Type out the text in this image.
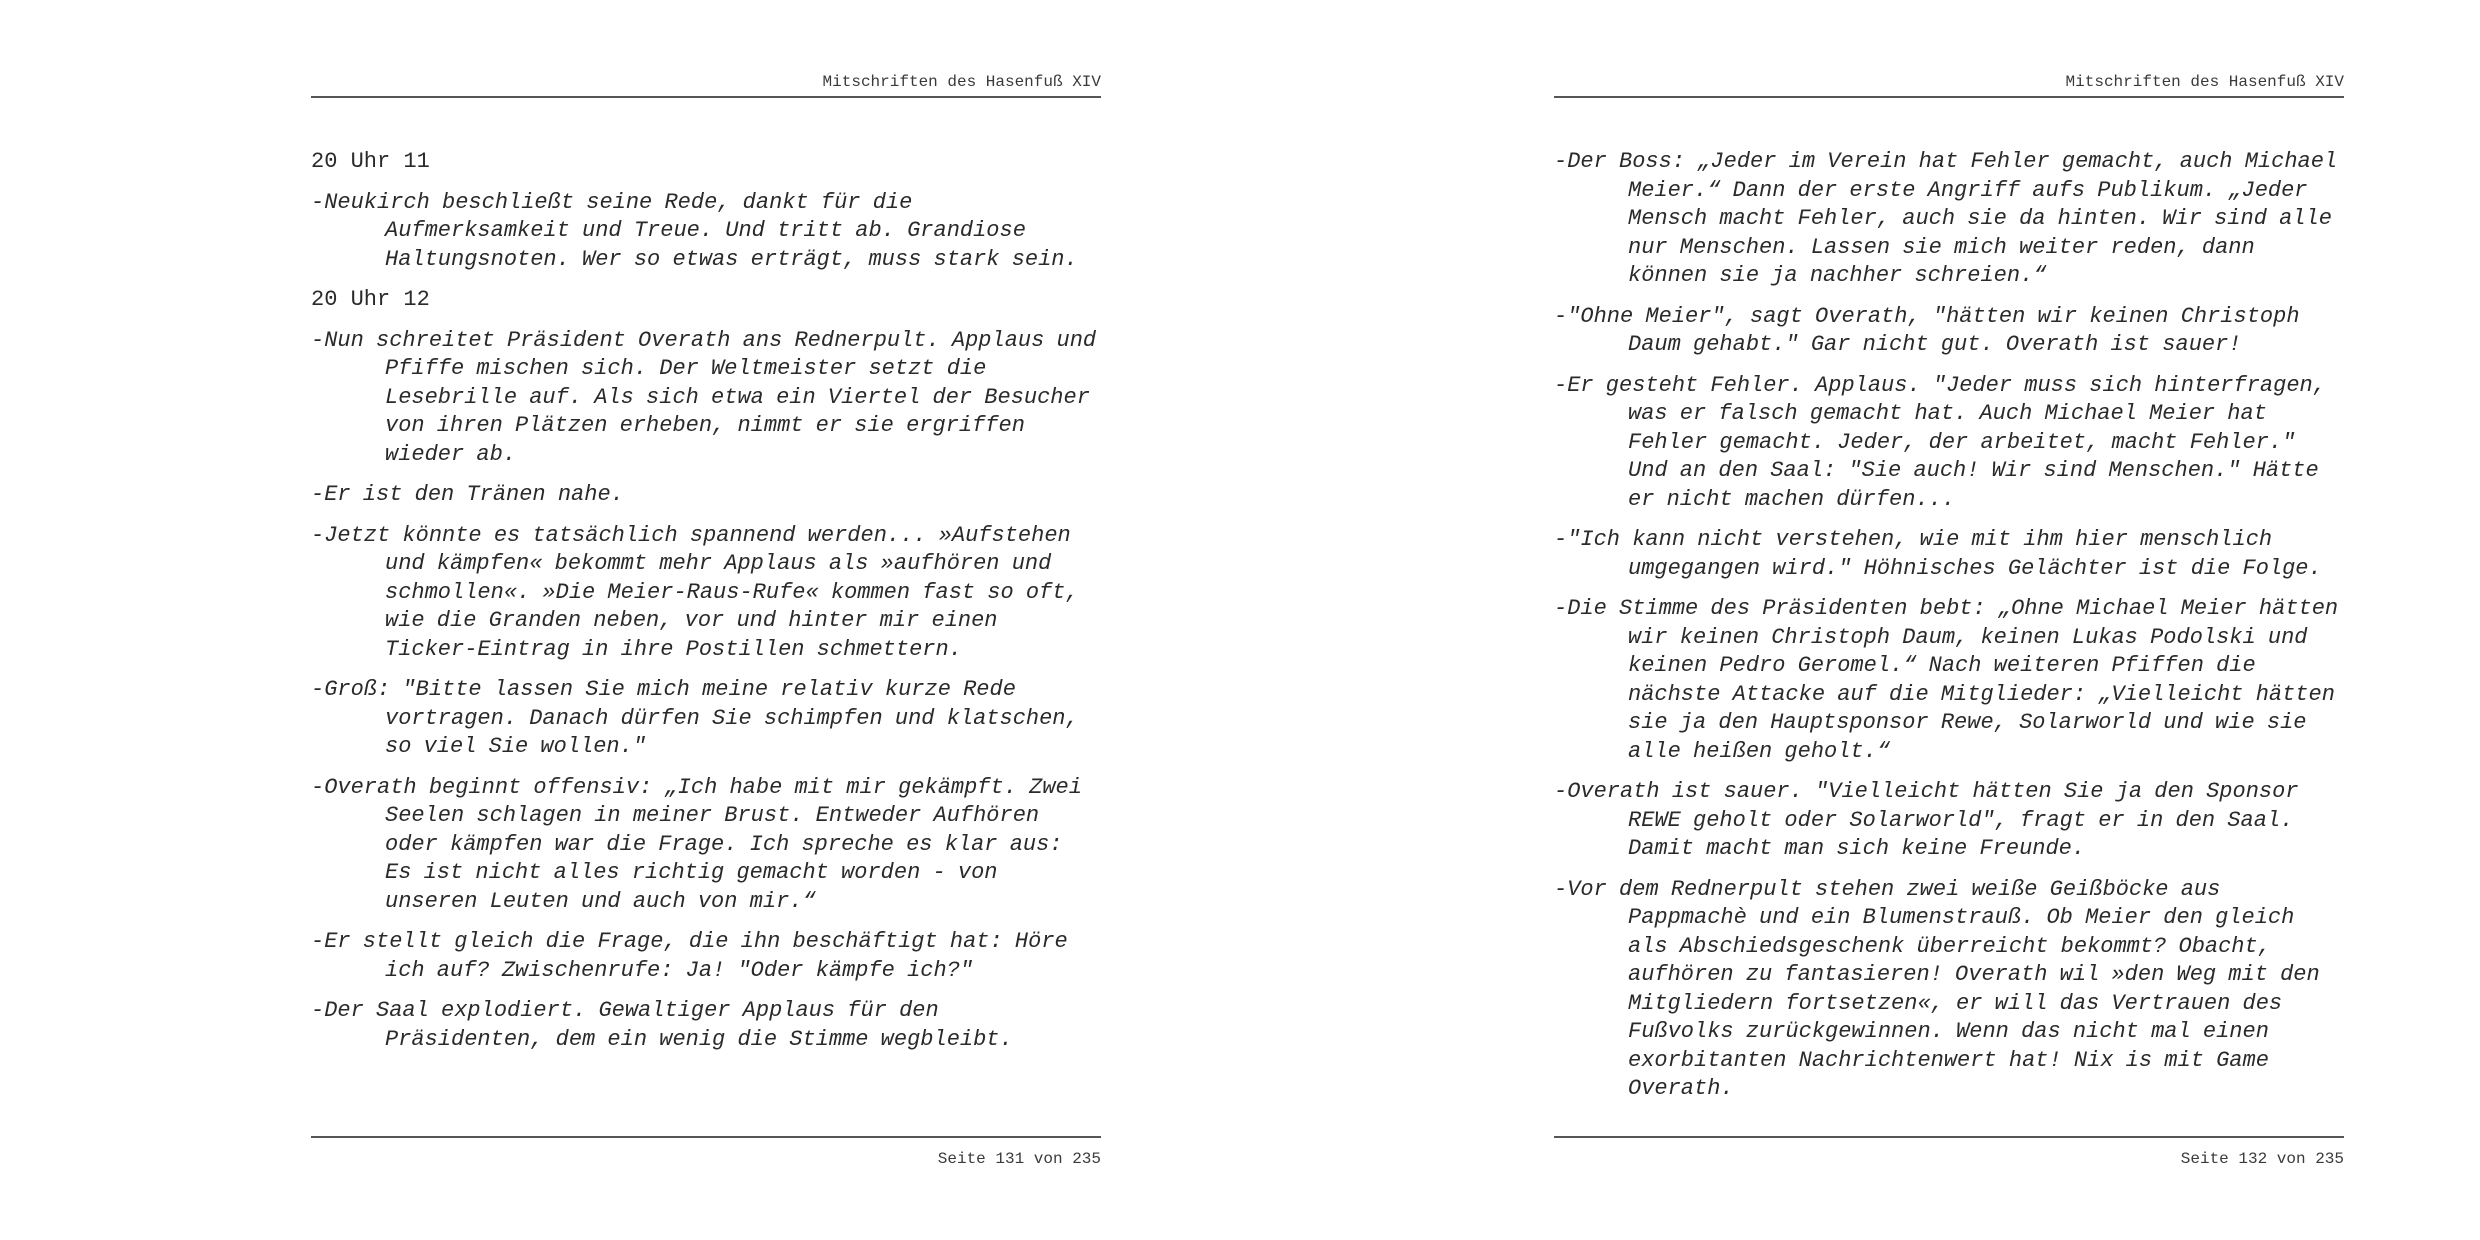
Mitschriften des Hasenfuß XIV

20 Uhr 11

-Neukirch beschließt seine Rede, dankt für die Aufmerksamkeit und Treue. Und tritt ab. Grandiose Haltungsnoten. Wer so etwas erträgt, muss stark sein.

20 Uhr 12

-Nun schreitet Präsident Overath ans Rednerpult. Applaus und Pfiffe mischen sich. Der Weltmeister setzt die Lesebrille auf. Als sich etwa ein Viertel der Besucher von ihren Plätzen erheben, nimmt er sie ergriffen wieder ab.

-Er ist den Tränen nahe.

-Jetzt könnte es tatsächlich spannend werden... »Aufstehen und kämpfen« bekommt mehr Applaus als »aufhören und schmollen«. »Die Meier-Raus-Rufe« kommen fast so oft, wie die Granden neben, vor und hinter mir einen Ticker-Eintrag in ihre Postillen schmettern.

-Groß: "Bitte lassen Sie mich meine relativ kurze Rede vortragen. Danach dürfen Sie schimpfen und klatschen, so viel Sie wollen."

-Overath beginnt offensiv: „Ich habe mit mir gekämpft. Zwei Seelen schlagen in meiner Brust. Entweder Aufhören oder kämpfen war die Frage. Ich spreche es klar aus: Es ist nicht alles richtig gemacht worden - von unseren Leuten und auch von mir.“

-Er stellt gleich die Frage, die ihn beschäftigt hat: Höre ich auf? Zwischenrufe: Ja! "Oder kämpfe ich?"

-Der Saal explodiert. Gewaltiger Applaus für den Präsidenten, dem ein wenig die Stimme wegbleibt.

Seite 131 von 235
Mitschriften des Hasenfuß XIV

-Der Boss: „Jeder im Verein hat Fehler gemacht, auch Michael Meier.“ Dann der erste Angriff aufs Publikum. „Jeder Mensch macht Fehler, auch sie da hinten. Wir sind alle nur Menschen. Lassen sie mich weiter reden, dann können sie ja nachher schreien.“

-"Ohne Meier", sagt Overath, "hätten wir keinen Christoph Daum gehabt." Gar nicht gut. Overath ist sauer!

-Er gesteht Fehler. Applaus. "Jeder muss sich hinterfragen, was er falsch gemacht hat. Auch Michael Meier hat Fehler gemacht. Jeder, der arbeitet, macht Fehler." Und an den Saal: "Sie auch! Wir sind Menschen." Hätte er nicht machen dürfen...

-"Ich kann nicht verstehen, wie mit ihm hier menschlich umgegangen wird." Höhnisches Gelächter ist die Folge.

-Die Stimme des Präsidenten bebt: „Ohne Michael Meier hätten wir keinen Christoph Daum, keinen Lukas Podolski und keinen Pedro Geromel.“ Nach weiteren Pfiffen die nächste Attacke auf die Mitglieder: „Vielleicht hätten sie ja den Hauptsponsor Rewe, Solarworld und wie sie alle heißen geholt.“

-Overath ist sauer. "Vielleicht hätten Sie ja den Sponsor REWE geholt oder Solarworld", fragt er in den Saal. Damit macht man sich keine Freunde.

-Vor dem Rednerpult stehen zwei weiße Geißböcke aus Pappmachè und ein Blumenstrauß. Ob Meier den gleich als Abschiedsgeschenk überreicht bekommt? Obacht, aufhören zu fantasieren! Overath wil »den Weg mit den Mitgliedern fortsetzen«, er will das Vertrauen des Fußvolks zurückgewinnen. Wenn das nicht mal einen exorbitanten Nachrichtenwert hat! Nix is mit Game Overath.

Seite 132 von 235
